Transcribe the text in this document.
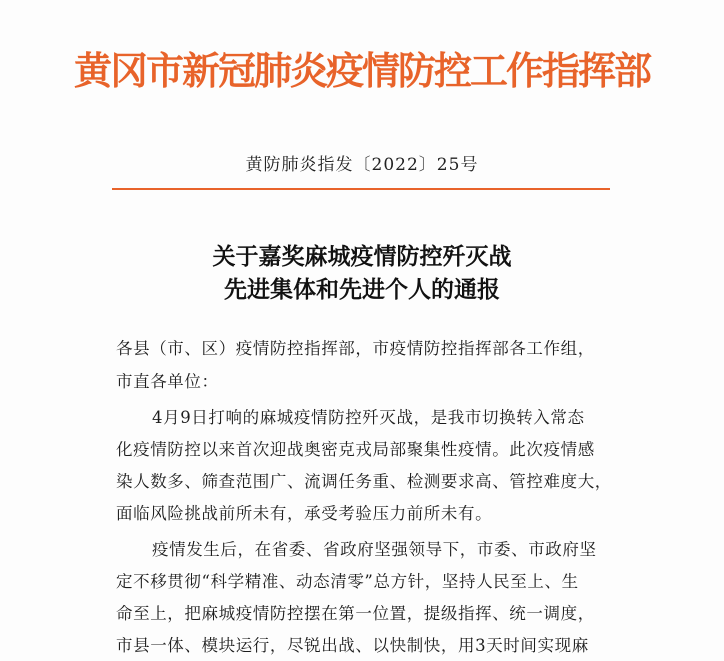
黄冈市新冠肺炎疫情防控工作指挥部
黄防肺炎指发〔2022〕25号
关于嘉奖麻城疫情防控歼灭战
先进集体和先进个人的通报
各县（市、区）疫情防控指挥部，市疫情防控指挥部各工作组，
市直各单位：
4月9日打响的麻城疫情防控歼灭战，是我市切换转入常态
化疫情防控以来首次迎战奥密克戎局部聚集性疫情。此次疫情感
染人数多、筛查范围广、流调任务重、检测要求高、管控难度大，
面临风险挑战前所未有，承受考验压力前所未有。
疫情发生后，在省委、省政府坚强领导下，市委、市政府坚
定不移贯彻“科学精准、动态清零”总方针，坚持人民至上、生
命至上，把麻城疫情防控摆在第一位置，提级指挥、统一调度，
市县一体、模块运行，尽锐出战、以快制快，用3天时间实现麻
